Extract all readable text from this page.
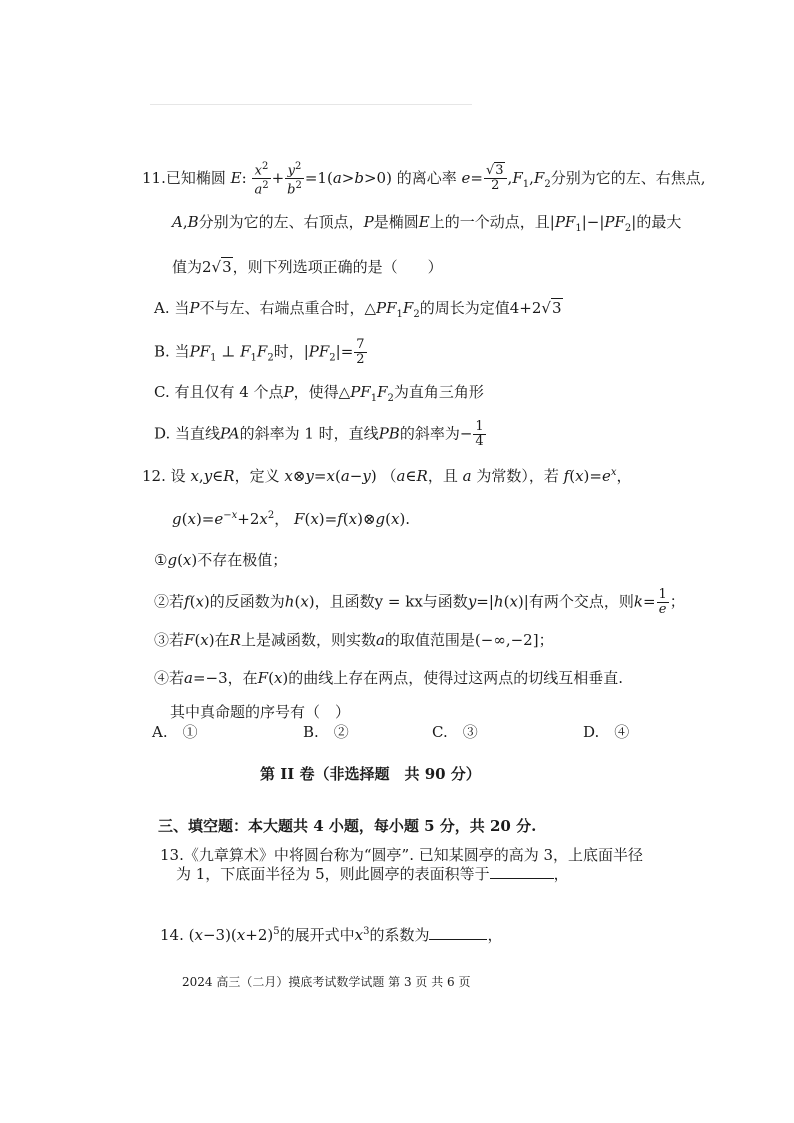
11.已知椭圆 E: $\frac{x^2}{a^2} + \frac{y^2}{b^2} =1(a>b>0)$ 的离心率 $e= \frac{√3}{2} ,F_1,F_2$分别为它的左、右焦点,
A,B分别为它的左、右顶点，P是椭圆E上的一个动点，且$|PF_1|-|PF_2|$的最大
值为2√3，则下列选项正确的是（　　）
A. 当P不与左、右端点重合时，$\triangle PF_1F_2$的周长为定值4+2√3
B. 当$PF_1$ ⊥ $F_1F_2$时，$|PF_2|= \frac{7}{2}$
C. 有且仅有 4 个点P，使得$\triangle PF_1F_2$为直角三角形
D. 当直线PA的斜率为 1 时，直线PB的斜率为− $\frac{1}{4}$
12. 设 x,y∈R，定义 x⊗y=x(a−y) （a∈R，且 a 为常数），若 $f(x)=e^x$，
$g(x)=e^{-x}+2x^2$， F(x)=f(x)⊗g(x).
①g(x)不存在极值；
②若f(x)的反函数为h(x)，且函数y = kx与函数y=|h(x)|有两个交点，则$k= \frac{1}{e}$ ；
③若F(x)在R上是减函数，则实数a的取值范围是(−∞,−2]；
④若a=−3，在F(x)的曲线上存在两点，使得过这两点的切线互相垂直.
其中真命题的序号有（　）
A.　①	B.　②	C.　③	D.　④
第 II 卷（非选择题　共 90 分）
三、填空题：本大题共 4 小题，每小题 5 分，共 20 分.
13.《九章算术》中将圆台称为“圆亭”. 已知某圆亭的高为 3，上底面半径
为 1，下底面半径为 5，则此圆亭的表面积等于	，
14. $(x-3)(x+2)^5$的展开式中$x^3$的系数为	，
2024 高三（二月）摸底考试数学试题 第 3 页 共 6 页
